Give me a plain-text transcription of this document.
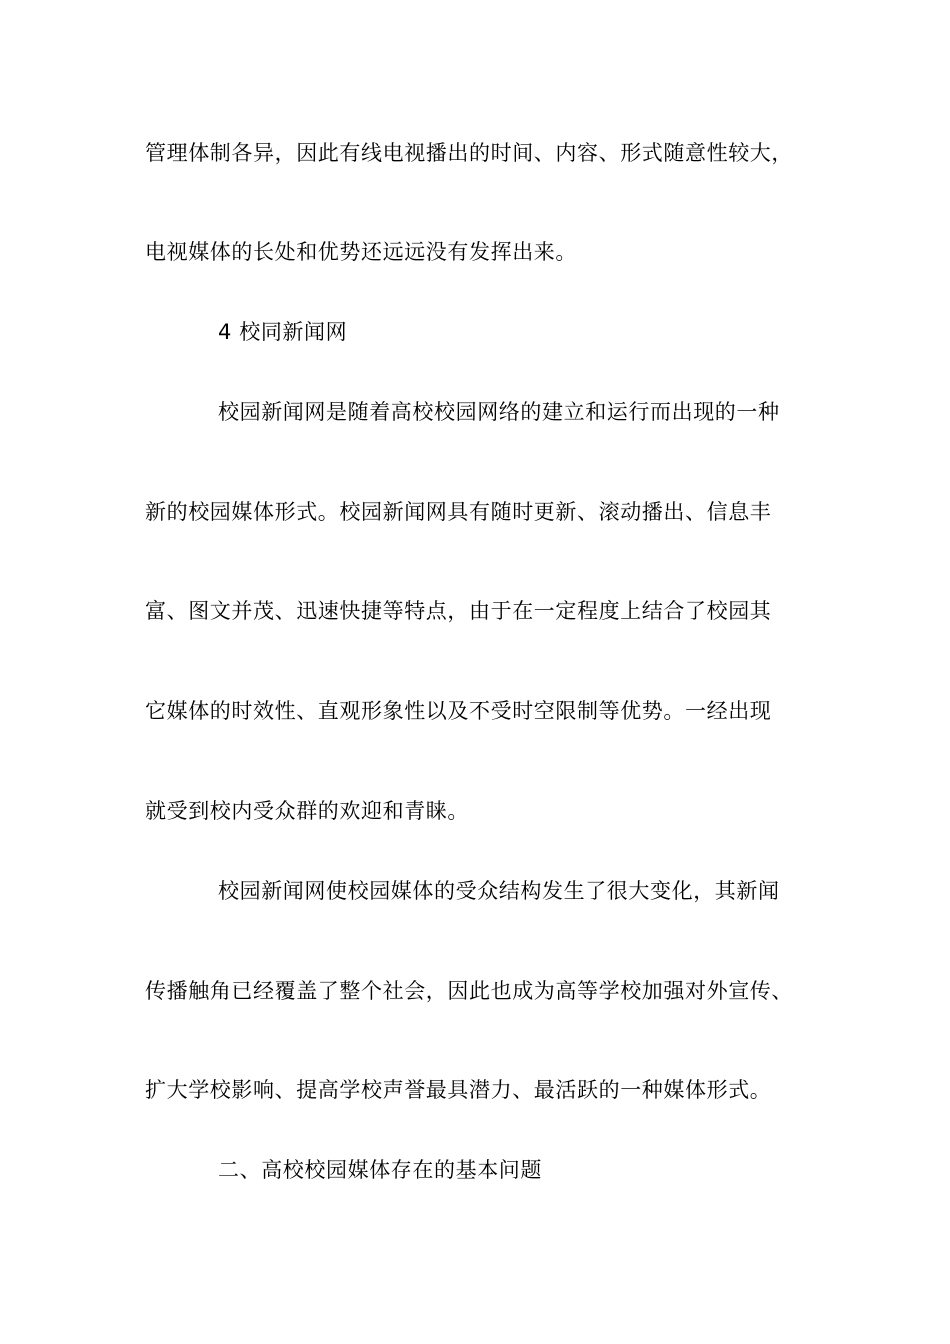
管理体制各异，因此有线电视播出的时间、内容、形式随意性较大，
电视媒体的长处和优势还远远没有发挥出来。
4 校同新闻网
校园新闻网是随着高校校园网络的建立和运行而出现的一种
新的校园媒体形式。校园新闻网具有随时更新、滚动播出、信息丰
富、图文并茂、迅速快捷等特点，由于在一定程度上结合了校园其
它媒体的时效性、直观形象性以及不受时空限制等优势。一经出现
就受到校内受众群的欢迎和青睐。
校园新闻网使校园媒体的受众结构发生了很大变化，其新闻
传播触角已经覆盖了整个社会，因此也成为高等学校加强对外宣传、
扩大学校影响、提高学校声誉最具潜力、最活跃的一种媒体形式。
二、高校校园媒体存在的基本问题
